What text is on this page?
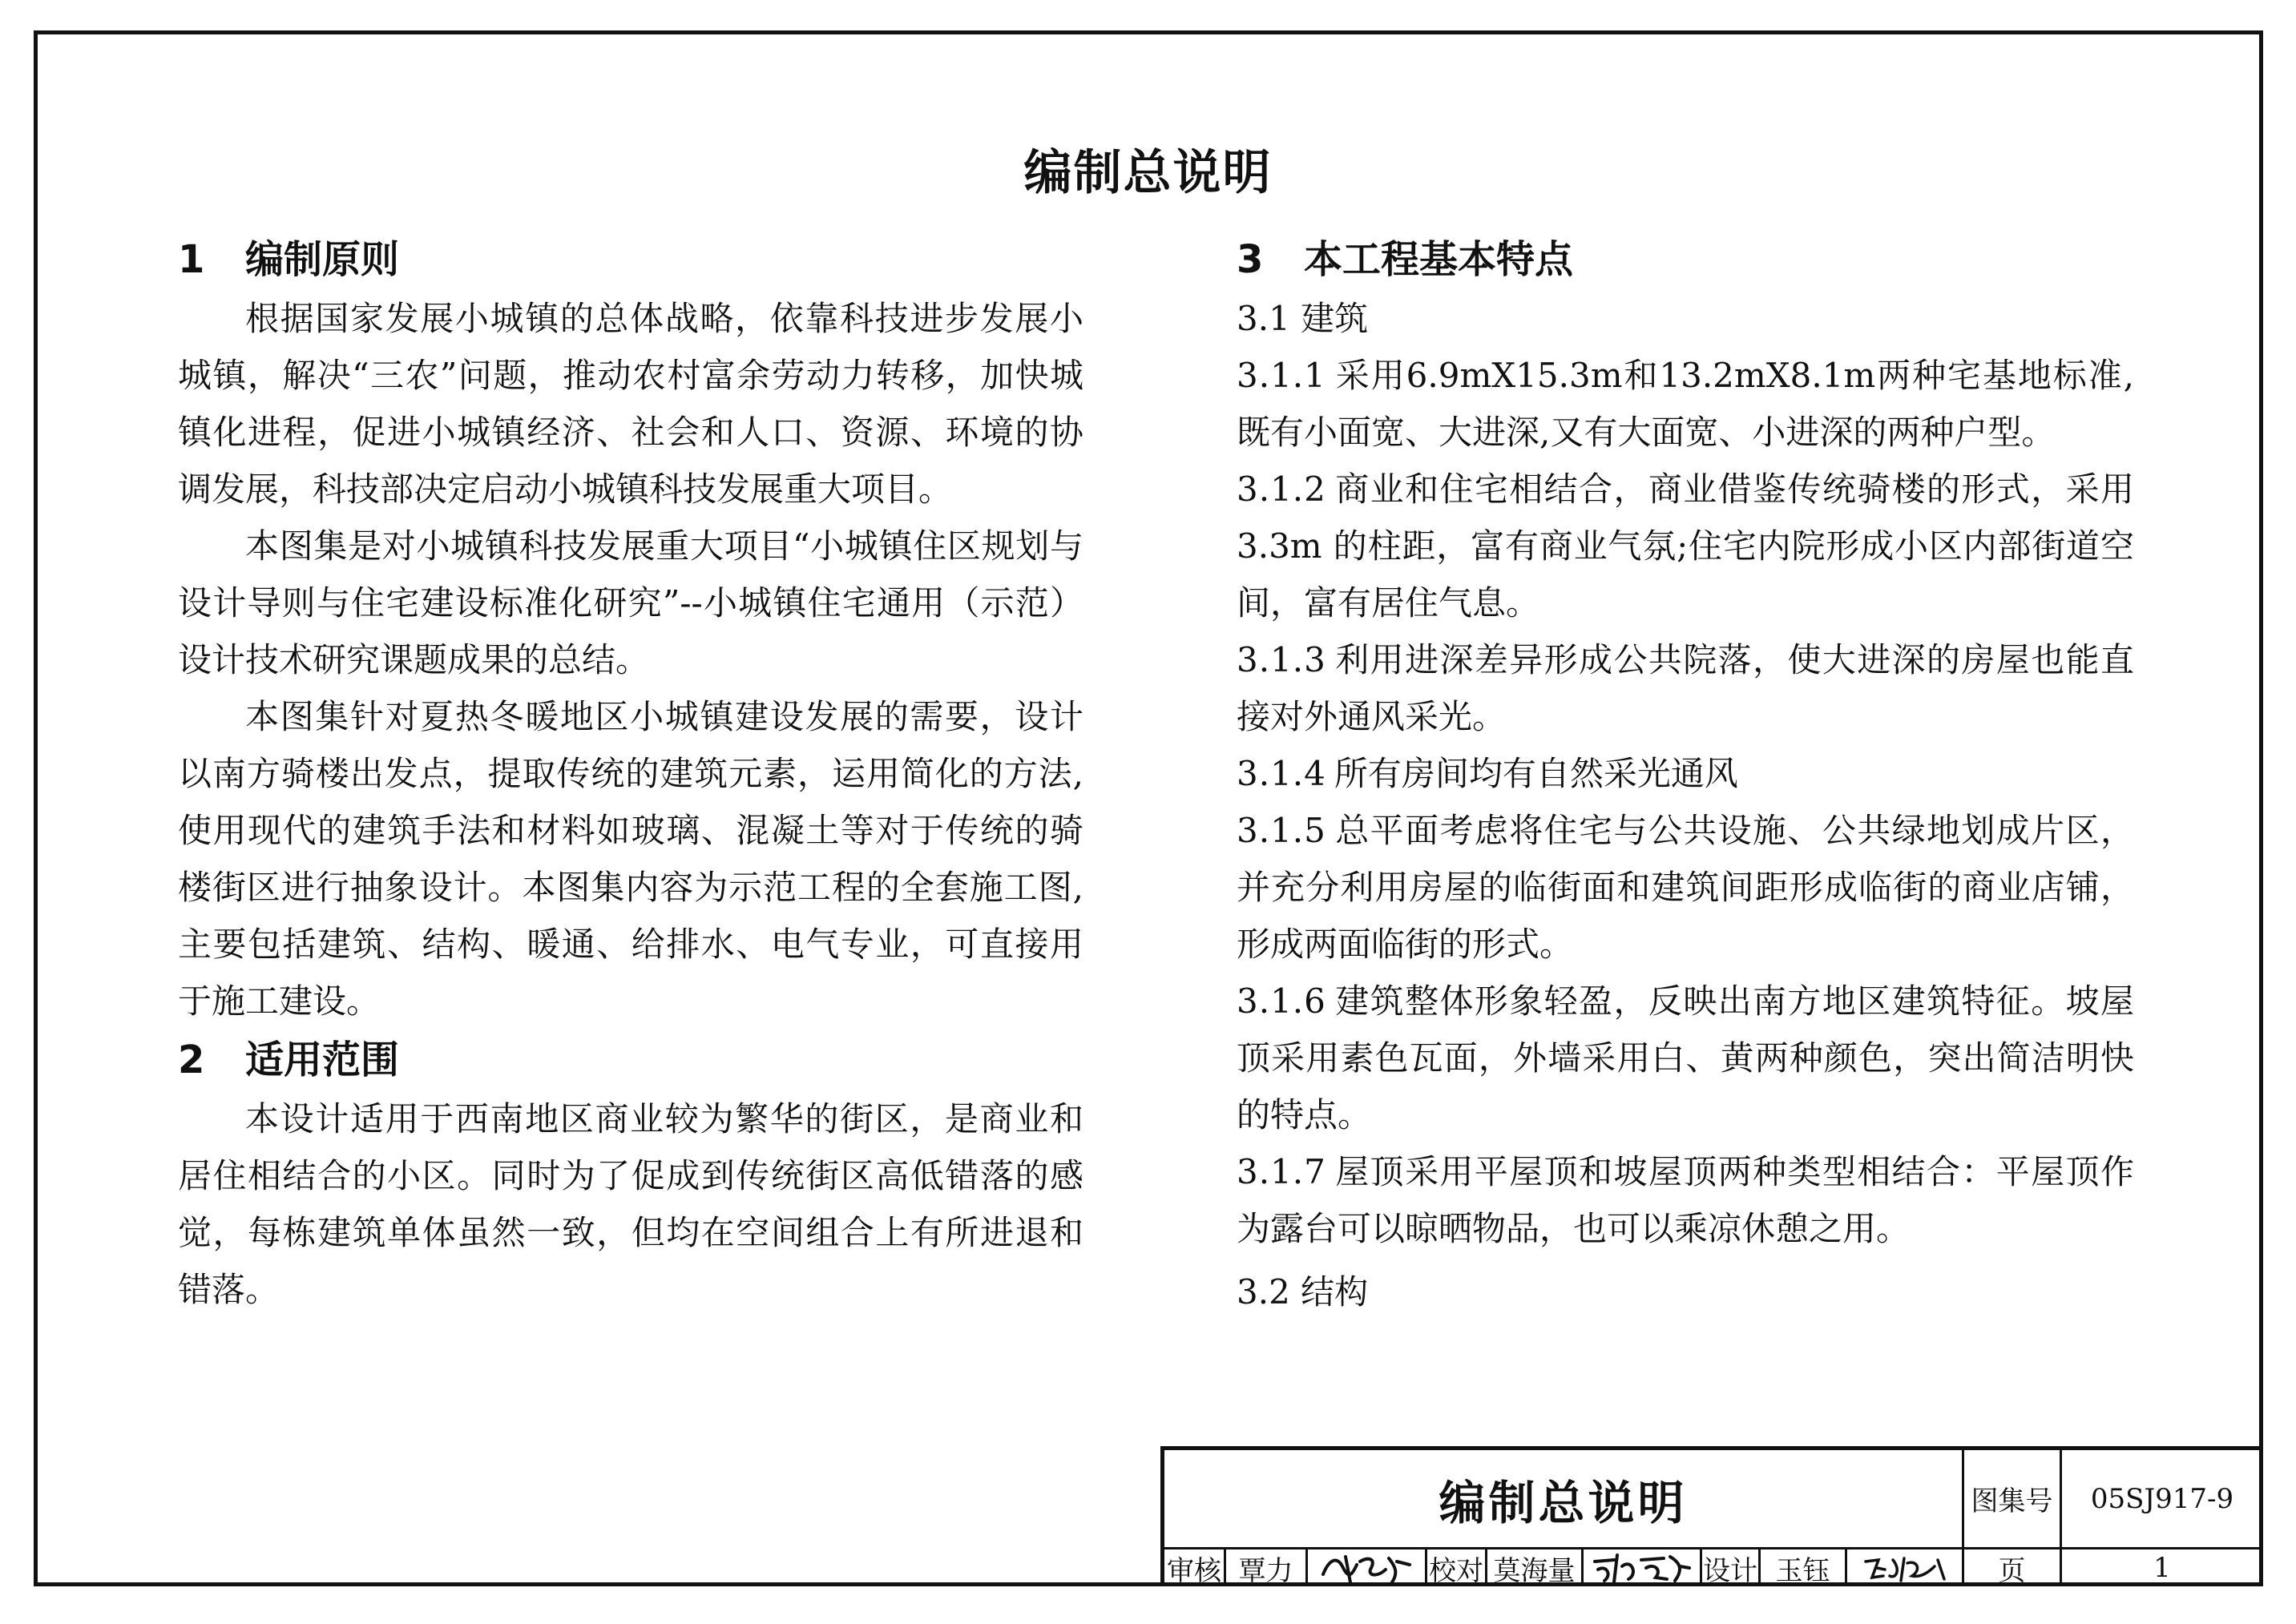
编制总说明
1 编制原则

根据国家发展小城镇的总体战略，依靠科技进步发展小城镇，解决“三农”问题，推动农村富余劳动力转移，加快城镇化进程，促进小城镇经济、社会和人口、资源、环境的协调发展，科技部决定启动小城镇科技发展重大项目。

本图集是对小城镇科技发展重大项目“小城镇住区规划与设计导则与住宅建设标准化研究”--小城镇住宅通用（示范）设计技术研究课题成果的总结。

本图集针对夏热冬暖地区小城镇建设发展的需要，设计以南方骑楼出发点，提取传统的建筑元素，运用简化的方法,使用现代的建筑手法和材料如玻璃、混凝土等对于传统的骑楼街区进行抽象设计。本图集内容为示范工程的全套施工图,主要包括建筑、结构、暖通、给排水、电气专业，可直接用于施工建设。

2 适用范围

本设计适用于西南地区商业较为繁华的街区，是商业和居住相结合的小区。同时为了促成到传统街区高低错落的感觉，每栋建筑单体虽然一致，但均在空间组合上有所进退和错落。

3 本工程基本特点

3.1 建筑

3.1.1 采用6.9mX15.3m和13.2mX8.1m两种宅基地标准,既有小面宽、大进深,又有大面宽、小进深的两种户型。

3.1.2 商业和住宅相结合，商业借鉴传统骑楼的形式，采用3.3m 的柱距，富有商业气氛;住宅内院形成小区内部街道空间，富有居住气息。

3.1.3 利用进深差异形成公共院落，使大进深的房屋也能直接对外通风采光。

3.1.4 所有房间均有自然采光通风

3.1.5 总平面考虑将住宅与公共设施、公共绿地划成片区，并充分利用房屋的临街面和建筑间距形成临街的商业店铺，形成两面临街的形式。

3.1.6 建筑整体形象轻盈，反映出南方地区建筑特征。坡屋顶采用素色瓦面，外墙采用白、黄两种颜色，突出简洁明快的特点。

3.1.7 屋顶采用平屋顶和坡屋顶两种类型相结合：平屋顶作为露台可以晾晒物品，也可以乘凉休憩之用。

3.2 结构

编制总说明	图集号	05SJ917-9
审核 覃力	校对 莫海量	设计 玉钰	页	1
